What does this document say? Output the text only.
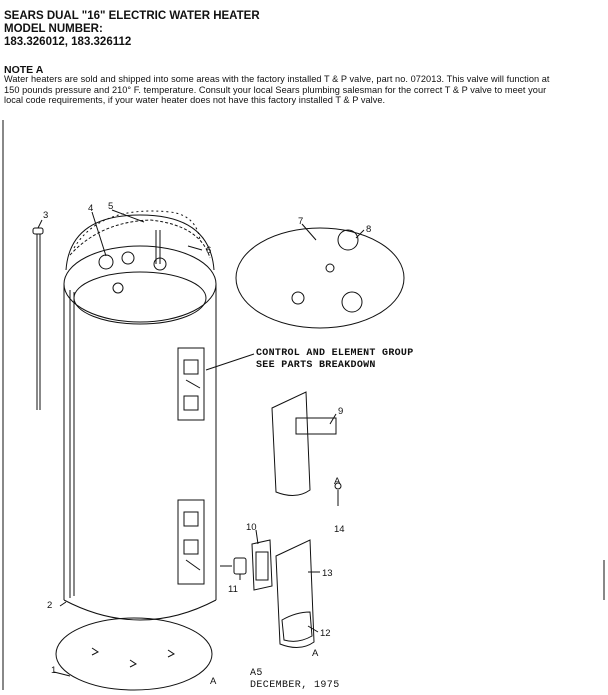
SEARS DUAL "16" ELECTRIC WATER HEATER

MODEL NUMBER:

183.326012, 183.326112

NOTE A
Water heaters are sold and shipped into some areas with the factory installed T & P valve, part no. 072013. This valve will function at 150 pounds pressure and 210° F. temperature. Consult your local Sears plumbing salesman for the correct T & P valve to meet your local code requirements, if your water heater does not have this factory installed T & P valve.
1
2
3
4 5
6
7
8
9
10
11
12
13
14
A
A
A
CONTROL AND ELEMENT GROUP
SEE PARTS BREAKDOWN
A5
DECEMBER, 1975
